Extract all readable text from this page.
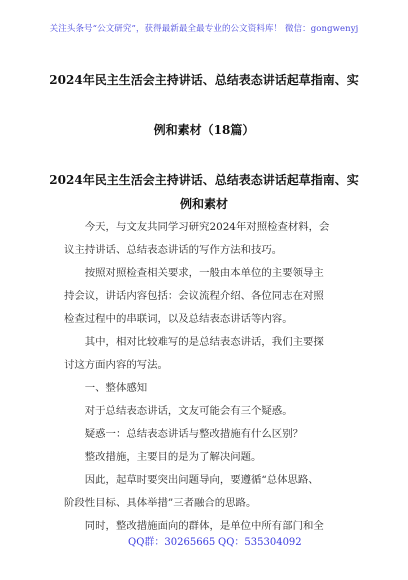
关注头条号“公文研究”，获得最新最全最专业的公文资料库！ 微信：gongwenyj
2024年民主生活会主持讲话、总结表态讲话起草指南、实
例和素材（18篇）
2024年民主生活会主持讲话、总结表态讲话起草指南、实
例和素材

　　今天，与文友共同学习研究2024年对照检查材料，会

议主持讲话、总结表态讲话的写作方法和技巧。

　　按照对照检查相关要求，一般由本单位的主要领导主

持会议，讲话内容包括：会议流程介绍、各位同志在对照

检查过程中的串联词，以及总结表态讲话等内容。

　　其中，相对比较难写的是总结表态讲话，我们主要探

讨这方面内容的写法。

　　一、整体感知

　　对于总结表态讲话，文友可能会有三个疑惑。

　　疑惑一：总结表态讲话与整改措施有什么区别？

　　整改措施，主要目的是为了解决问题。

　　因此，起草时要突出问题导向，要遵循“总体思路、

阶段性目标、具体举措”三者融合的思路。

　　同时，整改措施面向的群体，是单位中所有部门和全

QQ群：30265665 QQ：535304092
